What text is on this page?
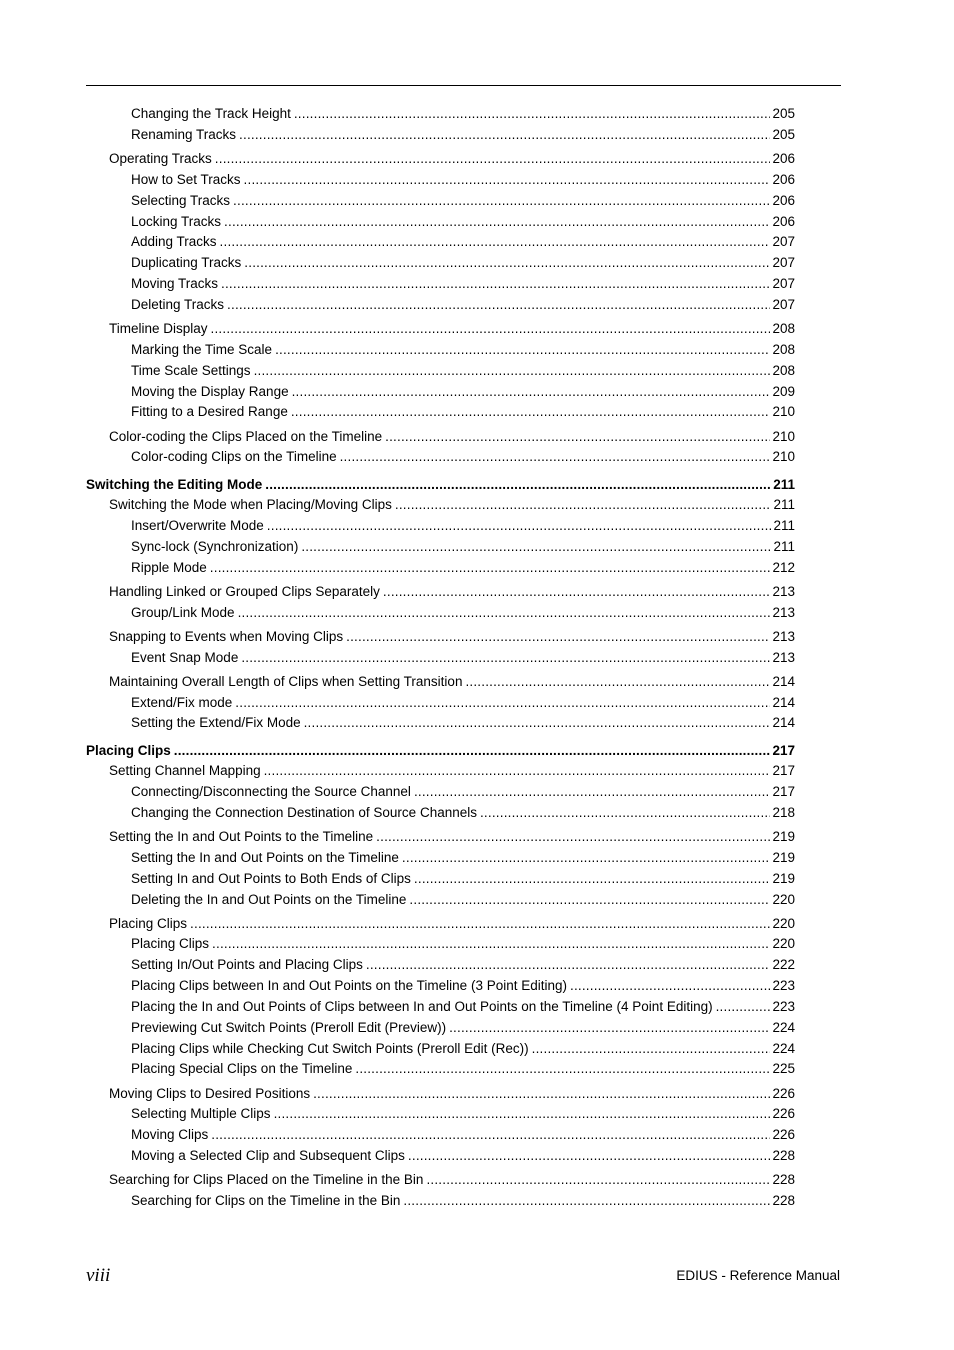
Changing the Track Height .....	205
Renaming Tracks .....	205
Operating Tracks .....	206
How to Set Tracks .....	206
Selecting Tracks .....	206
Locking Tracks .....	206
Adding Tracks .....	207
Duplicating Tracks .....	207
Moving Tracks .....	207
Deleting Tracks .....	207
Timeline Display .....	208
Marking the Time Scale .....	208
Time Scale Settings .....	208
Moving the Display Range .....	209
Fitting to a Desired Range .....	210
Color-coding the Clips Placed on the Timeline .....	210
Color-coding Clips on the Timeline .....	210
Switching the Editing Mode .....	211
Switching the Mode when Placing/Moving Clips .....	211
Insert/Overwrite Mode .....	211
Sync-lock (Synchronization) .....	211
Ripple Mode .....	212
Handling Linked or Grouped Clips Separately .....	213
Group/Link Mode .....	213
Snapping to Events when Moving Clips .....	213
Event Snap Mode .....	213
Maintaining Overall Length of Clips when Setting Transition .....	214
Extend/Fix mode .....	214
Setting the Extend/Fix Mode .....	214
Placing Clips .....	217
Setting Channel Mapping .....	217
Connecting/Disconnecting the Source Channel .....	217
Changing the Connection Destination of Source Channels .....	218
Setting the In and Out Points to the Timeline .....	219
Setting the In and Out Points on the Timeline .....	219
Setting In and Out Points to Both Ends of Clips .....	219
Deleting the In and Out Points on the Timeline .....	220
Placing Clips .....	220
Placing Clips .....	220
Setting In/Out Points and Placing Clips .....	222
Placing Clips between In and Out Points on the Timeline (3 Point Editing) .....	223
Placing the In and Out Points of Clips between In and Out Points on the Timeline (4 Point Editing) .....	223
Previewing Cut Switch Points (Preroll Edit (Preview)) .....	224
Placing Clips while Checking Cut Switch Points (Preroll Edit (Rec)) .....	224
Placing Special Clips on the Timeline .....	225
Moving Clips to Desired Positions .....	226
Selecting Multiple Clips .....	226
Moving Clips .....	226
Moving a Selected Clip and Subsequent Clips .....	228
Searching for Clips Placed on the Timeline in the Bin .....	228
Searching for Clips on the Timeline in the Bin .....	228
viii	EDIUS - Reference Manual
